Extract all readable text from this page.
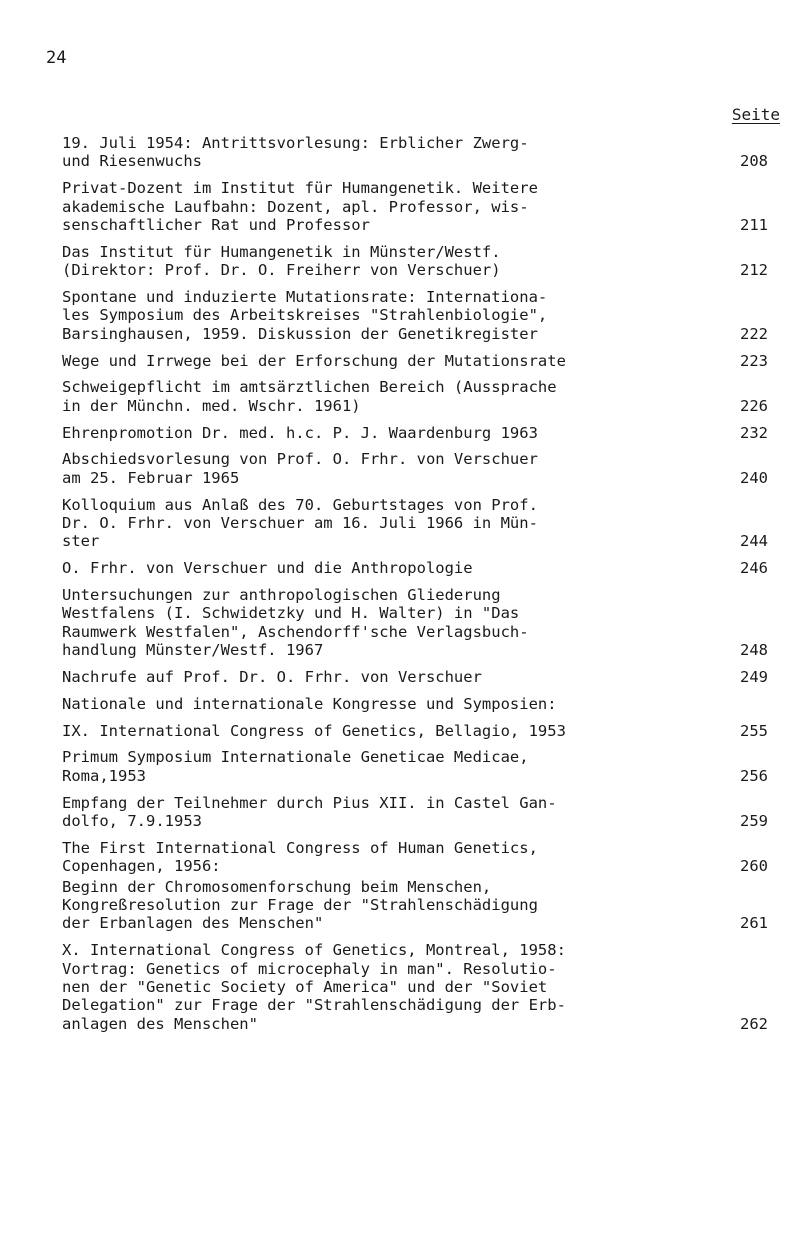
24
Seite
19. Juli 1954: Antrittsvorlesung: Erblicher Zwerg-
und Riesenwuchs	208
Privat-Dozent im Institut für Humangenetik. Weitere
akademische Laufbahn: Dozent, apl. Professor, wis-
senschaftlicher Rat und Professor	211
Das Institut für Humangenetik in Münster/Westf.
(Direktor: Prof. Dr. O. Freiherr von Verschuer)	212
Spontane und induzierte Mutationsrate: Internationa-
les Symposium des Arbeitskreises "Strahlenbiologie",
Barsinghausen, 1959. Diskussion der Genetikregister	222
Wege und Irrwege bei der Erforschung der Mutationsrate	223
Schweigepflicht im amtsärztlichen Bereich (Aussprache
in der Münchn. med. Wschr. 1961)	226
Ehrenpromotion Dr. med. h.c. P. J. Waardenburg 1963	232
Abschiedsvorlesung von Prof. O. Frhr. von Verschuer
am 25. Februar 1965	240
Kolloquium aus Anlaß des 70. Geburtstages von Prof.
Dr. O. Frhr. von Verschuer am 16. Juli 1966 in Mün-
ster	244
O. Frhr. von Verschuer und die Anthropologie	246
Untersuchungen zur anthropologischen Gliederung
Westfalens (I. Schwidetzky und H. Walter) in "Das
Raumwerk Westfalen", Aschendorff'sche Verlagsbuch-
handlung Münster/Westf. 1967	248
Nachrufe auf Prof. Dr. O. Frhr. von Verschuer	249
Nationale und internationale Kongresse und Symposien:
IX. International Congress of Genetics, Bellagio, 1953	255
Primum Symposium Internationale Geneticae Medicae,
Roma,1953	256
Empfang der Teilnehmer durch Pius XII. in Castel Gan-
dolfo, 7.9.1953	259
The First International Congress of Human Genetics,
Copenhagen, 1956:	260
Beginn der Chromosomenforschung beim Menschen,
Kongreßresolution zur Frage der "Strahlenschädigung
der Erbanlagen des Menschen"	261
X. International Congress of Genetics, Montreal, 1958:
Vortrag: Genetics of microcephaly in man". Resolutio-
nen der "Genetic Society of America" und der "Soviet
Delegation" zur Frage der "Strahlenschädigung der Erb-
anlagen des Menschen"	262
